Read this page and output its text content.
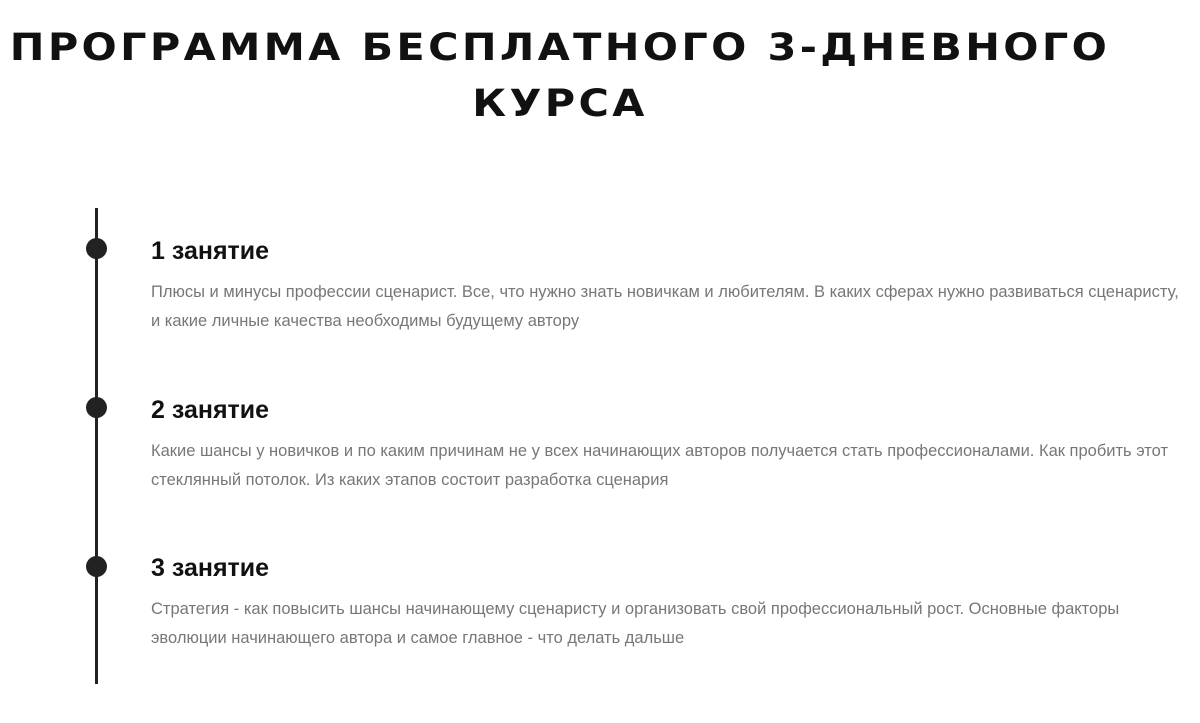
ПРОГРАММА БЕСПЛАТНОГО 3-ДНЕВНОГО КУРСА
1 занятие

Плюсы и минусы профессии сценарист. Все, что нужно знать новичкам и любителям. В каких сферах нужно развиваться сценаристу, и какие личные качества необходимы будущему автору

2 занятие

Какие шансы у новичков и по каким причинам не у всех начинающих авторов получается стать профессионалами. Как пробить этот стеклянный потолок. Из каких этапов состоит разработка сценария

3 занятие

Стратегия - как повысить шансы начинающему сценаристу и организовать свой профессиональный рост. Основные факторы эволюции начинающего автора и самое главное - что делать дальше
